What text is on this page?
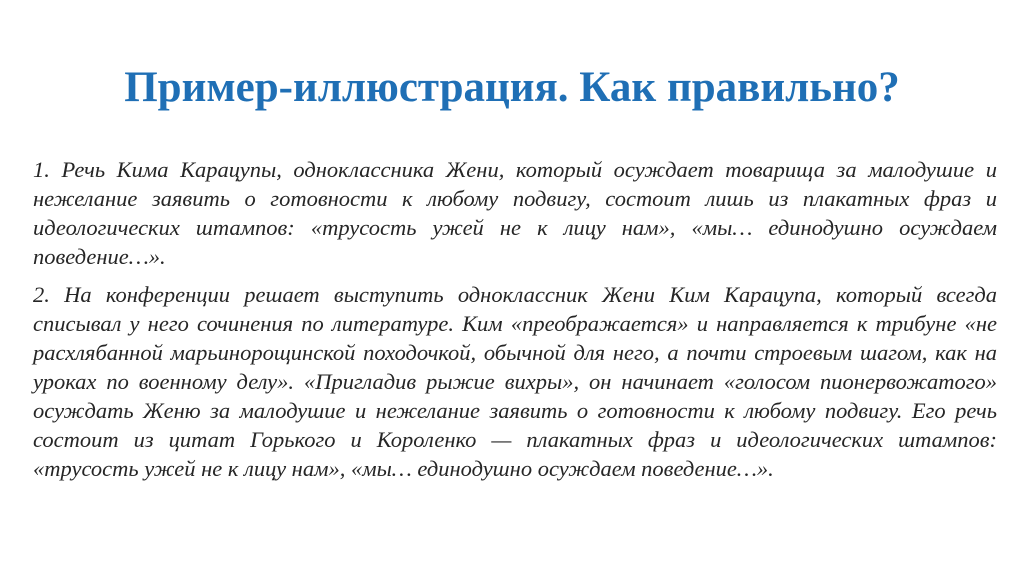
Пример-иллюстрация. Как правильно?

1. Речь Кима Карацупы, одноклассника Жени, который осуждает товарища за малодушие и нежелание заявить о готовности к любому подвигу, состоит лишь из плакатных фраз и идеологических штампов: «трусость ужей не к лицу нам», «мы… единодушно осуждаем поведение…».

2. На конференции решает выступить одноклассник Жени Ким Карацупа, который всегда списывал у него сочинения по литературе. Ким «преображается» и направляется к трибуне «не расхлябанной марьинорощинской походочкой, обычной для него, а почти строевым шагом, как на уроках по военному делу». «Пригладив рыжие вихры», он начинает «голосом пионервожатого» осуждать Женю за малодушие и нежелание заявить о готовности к любому подвигу. Его речь состоит из цитат Горького и Короленко — плакатных фраз и идеологических штампов: «трусость ужей не к лицу нам», «мы… единодушно осуждаем поведение…».
